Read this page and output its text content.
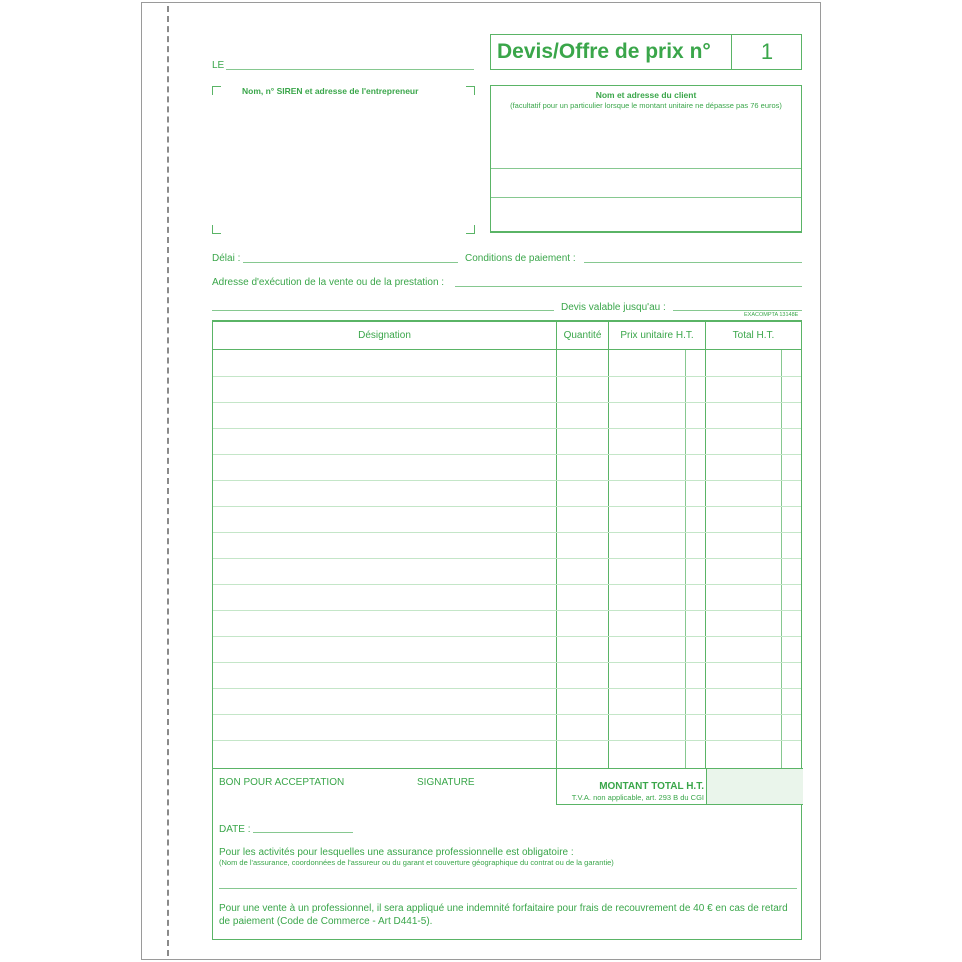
LE
Devis/Offre de prix n°	1
Nom, n° SIREN et adresse de l'entrepreneur	Nom et adresse du client
(facultatif pour un particulier lorsque le montant unitaire ne dépasse pas 76 euros)
Délai :	Conditions de paiement :
Adresse d'exécution de la vente ou de la prestation :
Devis valable jusqu'au :
EXACOMPTA 13148E
Désignation	Quantité	Prix unitaire H.T.	Total H.T.
BON POUR ACCEPTATION	SIGNATURE	MONTANT TOTAL H.T.
T.V.A. non applicable, art. 293 B du CGI
DATE :
Pour les activités pour lesquelles une assurance professionnelle est obligatoire :
(Nom de l'assurance, coordonnées de l'assureur ou du garant et couverture géographique du contrat ou de la garantie)
Pour une vente à un professionnel, il sera appliqué une indemnité forfaitaire pour frais de recouvrement de 40 € en cas de retard de paiement (Code de Commerce - Art D441-5).
